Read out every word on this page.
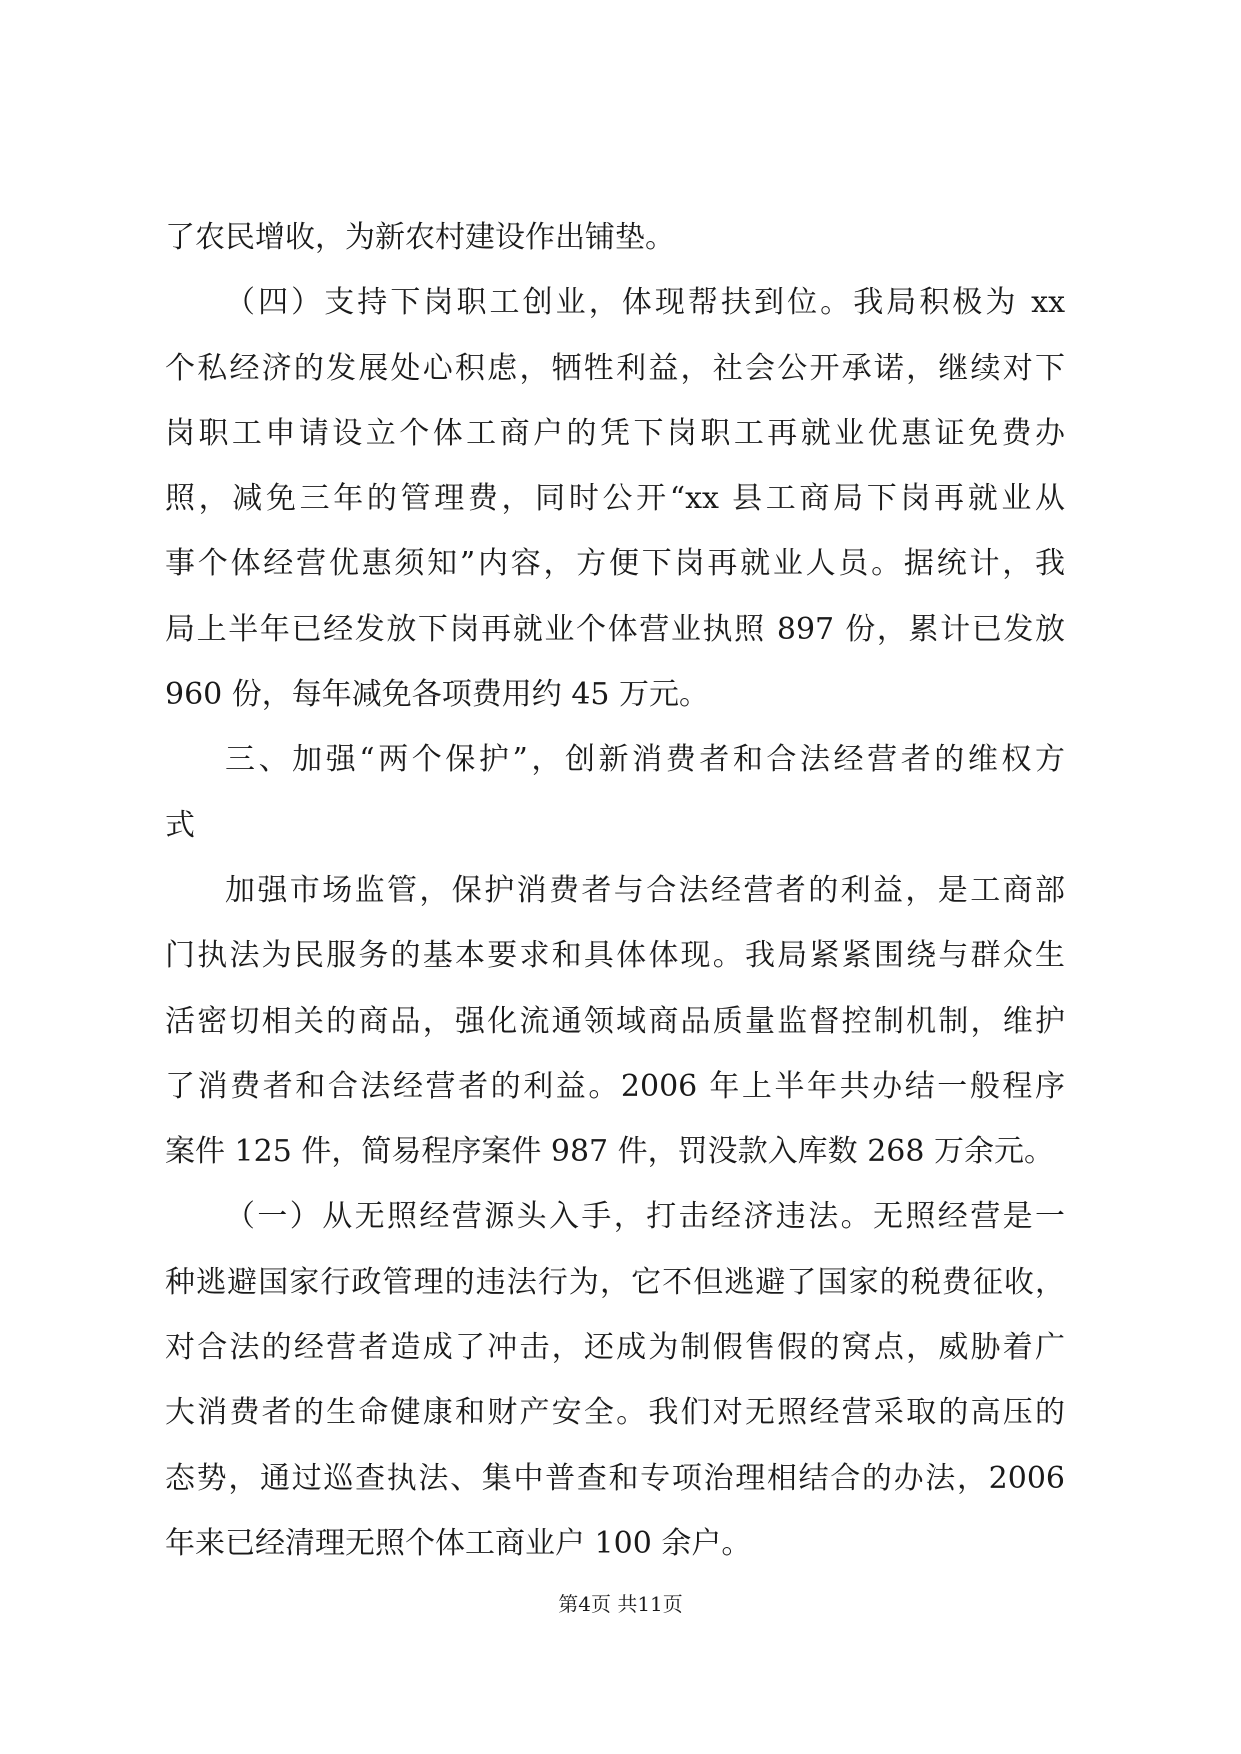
了农民增收，为新农村建设作出铺垫。
（四）支持下岗职工创业，体现帮扶到位。我局积极为 xx
个私经济的发展处心积虑，牺牲利益，社会公开承诺，继续对下
岗职工申请设立个体工商户的凭下岗职工再就业优惠证免费办
照，减免三年的管理费，同时公开“xx 县工商局下岗再就业从
事个体经营优惠须知”内容，方便下岗再就业人员。据统计，我
局上半年已经发放下岗再就业个体营业执照 897 份，累计已发放
960 份，每年减免各项费用约 45 万元。
三、加强“两个保护”，创新消费者和合法经营者的维权方
式
加强市场监管，保护消费者与合法经营者的利益，是工商部
门执法为民服务的基本要求和具体体现。我局紧紧围绕与群众生
活密切相关的商品，强化流通领域商品质量监督控制机制，维护
了消费者和合法经营者的利益。2006 年上半年共办结一般程序
案件 125 件，简易程序案件 987 件，罚没款入库数 268 万余元。
（一）从无照经营源头入手，打击经济违法。无照经营是一
种逃避国家行政管理的违法行为，它不但逃避了国家的税费征收，
对合法的经营者造成了冲击，还成为制假售假的窝点，威胁着广
大消费者的生命健康和财产安全。我们对无照经营采取的高压的
态势，通过巡查执法、集中普查和专项治理相结合的办法，2006
年来已经清理无照个体工商业户 100 余户。
第4页 共11页
